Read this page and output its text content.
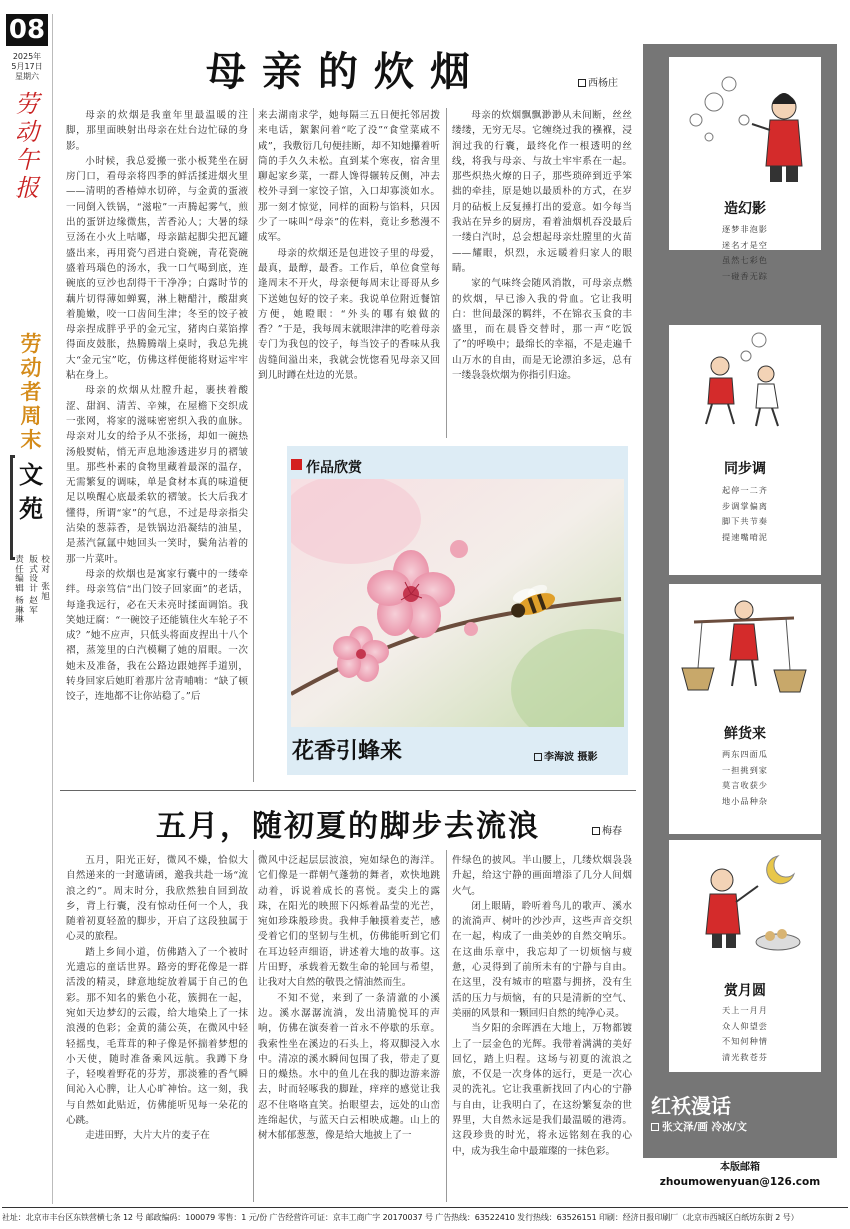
08
2025年
5月17日
星期六
劳
动
午
报
劳动者周末
文苑
责任编辑
杨琳琳
版式设计
赵军
校对
张旭
母亲的炊烟	西杨庄

母亲的炊烟是我童年里最温暖的注脚，那里面映射出母亲在灶台边忙碌的身影。

小时候，我总爱搬一张小板凳坐在厨房门口，看母亲将四季的鲜活揉进烟火里——清明的香椿焯水切碎，与金黄的蛋液一同倒入铁锅，“滋啦”一声腾起雾气，煎出的蛋饼边缘微焦，苦香沁人；大暑的绿豆汤在小火上咕嘟，母亲踮起脚尖把瓦罐盛出来，再用瓷勺舀进白瓷碗，青花瓷碗盛着玛瑙色的汤水，我一口气喝到底，连碗底的豆沙也刮得干干净净；白露时节的藕片切得薄如蝉翼，淋上糖醋汁，酸甜爽着脆嫩，咬一口齿间生津；冬至的饺子被母亲捏成胖乎乎的金元宝，猪肉白菜馅撑得面皮鼓胀，热腾腾端上桌时，我总先挑大“金元宝”吃，仿佛这样便能将财运牢牢粘在身上。

母亲的炊烟从灶膛升起，裹挟着酸涩、甜润、清苦、辛辣，在屋檐下交织成一张网，将家的滋味密密织入我的血脉。母亲对儿女的给予从不张扬，却如一碗热汤般熨帖，悄无声息地渗透进岁月的褶皱里。那些朴素的食物里藏着最深的温存，无需繁复的调味，单是食材本真的味道便足以唤醒心底最柔软的褶皱。长大后我才懂得，所谓“家”的气息，不过是母亲指尖沾染的葱蒜香，是铁锅边沿凝结的油星，是蒸汽氤氲中她回头一笑时，鬓角沾着的那一片菜叶。

母亲的炊烟也是寓家行囊中的一缕牵绊。母亲笃信“出门饺子回家面”的老话，每逢我远行，必在天未亮时揉面调馅。我笑她迂腐：“一碗饺子还能镇住火车轮子不成？”她不应声，只低头将面皮捏出十八个褶，蒸笼里的白汽模糊了她的眉眼。一次她未及准备，我在公路边跟她挥手道别，转身回家后她盯着那片岔青哺喃：“缺了顿饺子，连地都不让你站稳了。”后

来去湖南求学，她每隔三五日便托邻居拨来电话，絮絮问着“吃了没”“食堂菜咸不咸”，我敷衍几句便挂断，却不知她攥着听筒的手久久未松。直到某个寒夜，宿舍里聊起家乡菜，一群人馋得辗转反侧，冲去校外寻到一家饺子馆，入口却寡淡如水。那一刻才惊觉，同样的面粉与馅料，只因少了一味叫“母亲”的佐料，竟让乡愁漫不成军。

母亲的炊烟还是包进饺子里的母爱，最真，最醇，最香。工作后，单位食堂每逢周末不开火，母亲便每周末让哥哥从乡下送她包好的饺子来。我说单位附近餐馆方便，她瞪眼：“外头的哪有娘做的香？”于是，我每周末就眼津津的吃着母亲专门为我包的饺子，每当饺子的香味从我齿缝间溢出来，我就会恍惚看见母亲又回到儿时蹲在灶边的光景。

母亲的炊烟飘飘渺渺从未间断，丝丝缕缕，无穷无尽。它缠绕过我的襁褓，浸润过我的行囊，最终化作一根透明的丝线，将我与母亲、与故土牢牢系在一起。那些炽热火燎的日子，那些琐碎到近乎笨拙的牵挂，原是她以最质朴的方式，在岁月的砧板上反复捶打出的爱意。如今每当我站在异乡的厨房，看着油烟机吞没最后一缕白汽时，总会想起母亲灶膛里的火苗——耀眼，炽烈，永远暖着归家人的眼睛。

家的气味终会随风消散，可母亲点燃的炊烟，早已渗入我的骨血。它让我明白：世间最深的羁绊，不在锦衣玉食的丰盛里，而在晨昏交替时，那一声“吃饭了”的呼唤中；最绵长的幸福，不是走遍千山万水的自由，而是无论漂泊多远，总有一缕袅袅炊烟为你指引归途。

作品欣赏
花香引蜂来	李海波 摄影
五月，随初夏的脚步去流浪	梅春

五月，阳光正好，微风不燥，恰似大自然递来的一封邀请函，邀我共赴一场“流浪之约”。周末时分，我欣然独自回到故乡，背上行囊，没有惊动任何一个人，我随着初夏轻盈的脚步，开启了这段独属于心灵的旅程。

踏上乡间小道，仿佛踏入了一个被时光遗忘的童话世界。路旁的野花像是一群活泼的精灵，肆意地绽放着属于自己的色彩。那不知名的紫色小花，簇拥在一起，宛如天边梦幻的云霞，给大地染上了一抹浪漫的色彩；金黄的蒲公英，在微风中轻轻摇曳，毛茸茸的种子像是怀揣着梦想的小天使，随时准备乘风远航。我蹲下身子，轻嗅着野花的芬芳，那淡雅的香气瞬间沁入心脾，让人心旷神怡。这一刻，我与自然如此贴近，仿佛能听见每一朵花的心跳。

走进田野，大片大片的麦子在

微风中泛起层层波浪，宛如绿色的海洋。它们像是一群朝气蓬勃的舞者，欢快地跳动着，诉说着成长的喜悦。麦尖上的露珠，在阳光的映照下闪烁着晶莹的光芒，宛如珍珠般珍贵。我伸手触摸着麦芒，感受着它们的坚韧与生机，仿佛能听到它们在耳边轻声细语，讲述着大地的故事。这片田野，承载着无数生命的轮回与希望，让我对大自然的敬畏之情油然而生。

不知不觉，来到了一条清澈的小溪边。溪水潺潺流淌，发出清脆悦耳的声响，仿佛在演奏着一首永不停歇的乐章。我索性坐在溪边的石头上，将双脚浸入水中。清凉的溪水瞬间包围了我，带走了夏日的燥热。水中的鱼儿在我的脚边游来游去，时而轻啄我的脚趾，痒痒的感觉让我忍不住咯咯直笑。抬眼望去，远处的山峦连绵起伏，与蓝天白云相映成趣。山上的树木郁郁葱葱，像是给大地披上了一

件绿色的披风。半山腰上，几缕炊烟袅袅升起，给这宁静的画面增添了几分人间烟火气。

闭上眼睛，聆听着鸟儿的歌声、溪水的流淌声、树叶的沙沙声，这些声音交织在一起，构成了一曲美妙的自然交响乐。在这曲乐章中，我忘却了一切烦恼与疲惫，心灵得到了前所未有的宁静与自由。在这里，没有城市的喧嚣与拥挤，没有生活的压力与烦恼，有的只是清新的空气、美丽的风景和一颗回归自然的纯净心灵。

当夕阳的余晖洒在大地上，万物都镀上了一层金色的光辉。我带着满满的美好回忆，踏上归程。这场与初夏的流浪之旅，不仅是一次身体的远行，更是一次心灵的洗礼。它让我重新找回了内心的宁静与自由，让我明白了，在这纷繁复杂的世界里，大自然永远是我们最温暖的港湾。这段珍贵的时光，将永远铭刻在我的心中，成为我生命中最璀璨的一抹色彩。

造幻影
逐梦非泡影
迷名才是空
虽然七彩色
一碰香无踪
同步调
起停一二齐
步调掌偏离
脚下共节奏
提速嘴唷泥
鲜货来
两东四面瓜
一担挑到家
莫言收获少
地小品种杂
赏月圆
天上一月月
众人仰望尝
不知何种情
清光救苍芬
红袄漫话
张文泽/画 冷冰/文
本版邮箱
zhoumowenyuan@126.com
社址：北京市丰台区东铁营横七条 12 号 邮政编码：100079 零售：1 元/份 广告经营许可证：京丰工商广字 20170037 号 广告热线：63522410 发行热线：63526151 印刷：经济日报印刷厂（北京市西城区白纸坊东街 2 号）
